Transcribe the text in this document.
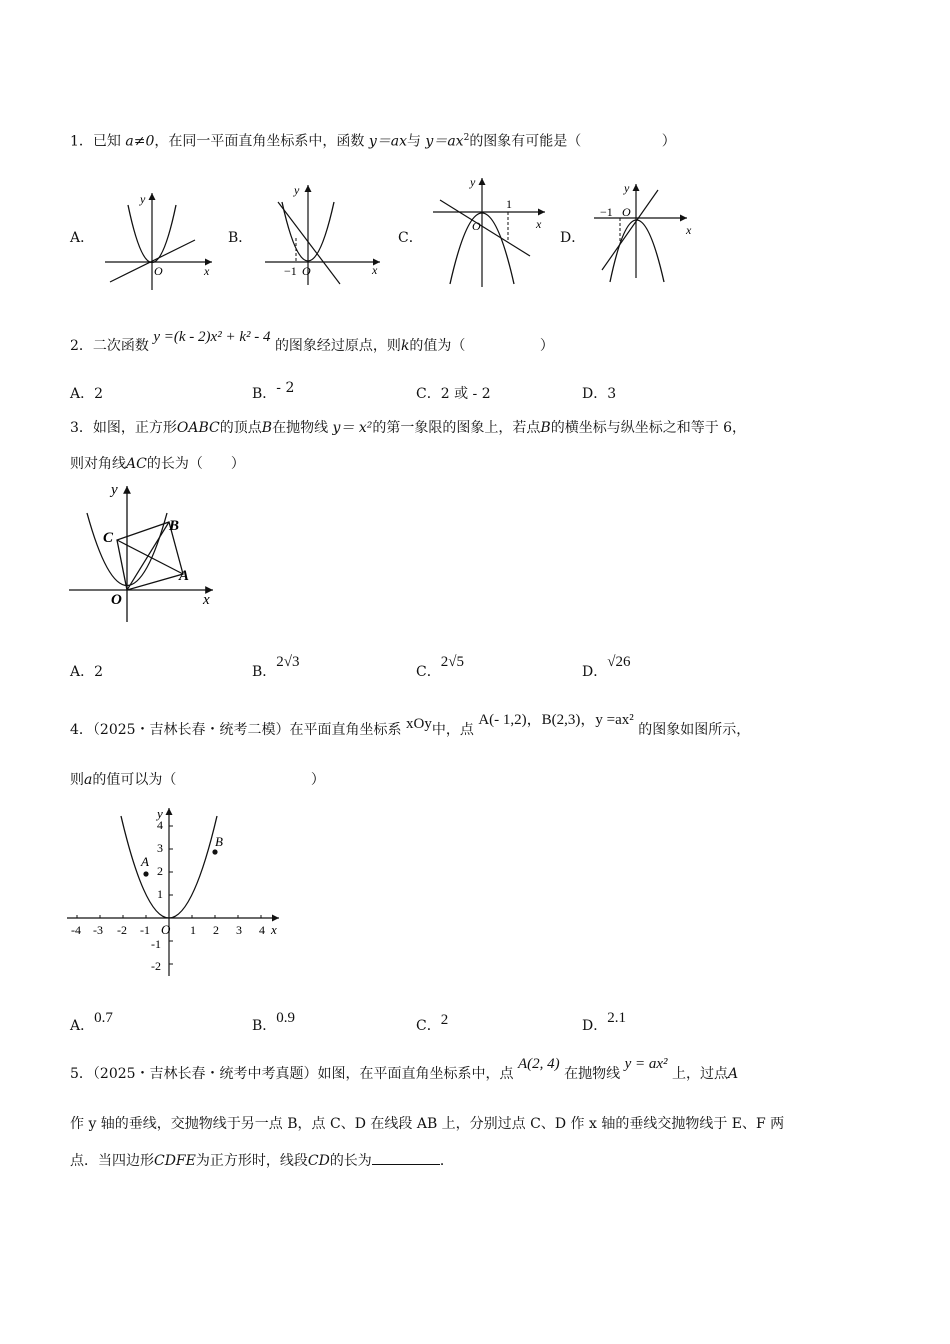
1．已知 a≠0，在同一平面直角坐标系中，函数 y＝ax与 $y=ax^2$的图象有可能是（	）
A．	B．	C．	D．
y
x
O
y
x
−1 O
y
x
1
O
y
x
−1 O
2．二次函数 y =(k - 2)x² + k² - 4 的图象经过原点，则k的值为（	）
A．2	B．- 2	C．2 或 - 2	D．3
3．如图，正方形OABC的顶点B在抛物线 y＝ x²的第一象限的图象上，若点B的横坐标与纵坐标之和等于 6，
则对角线AC的长为（　　）
y
x
O
A
B
C
A．2	B．2√3
C．2√5
D．√26
4．（2025・吉林长春・统考二模）在平面直角坐标系 xOy中，点 A(- 1,2)，B(2,3)，y =ax² 的图象如图所示，
则a的值可以为（	）
y
x
O
A
B
-4 -3 -2 -1	1 2 3 4
4
3
2
1
-1
-2
A．0.7	B．0.9	C．2	D．2.1
5．（2025・吉林长春・统考中考真题）如图，在平面直角坐标系中，点 A(2, 4) 在抛物线 y = ax² 上，过点A
作 y 轴的垂线，交抛物线于另一点 B，点 C、D 在线段 AB 上，分别过点 C、D 作 x 轴的垂线交抛物线于 E、F 两
点．当四边形CDFE为正方形时，线段CD的长为	．
